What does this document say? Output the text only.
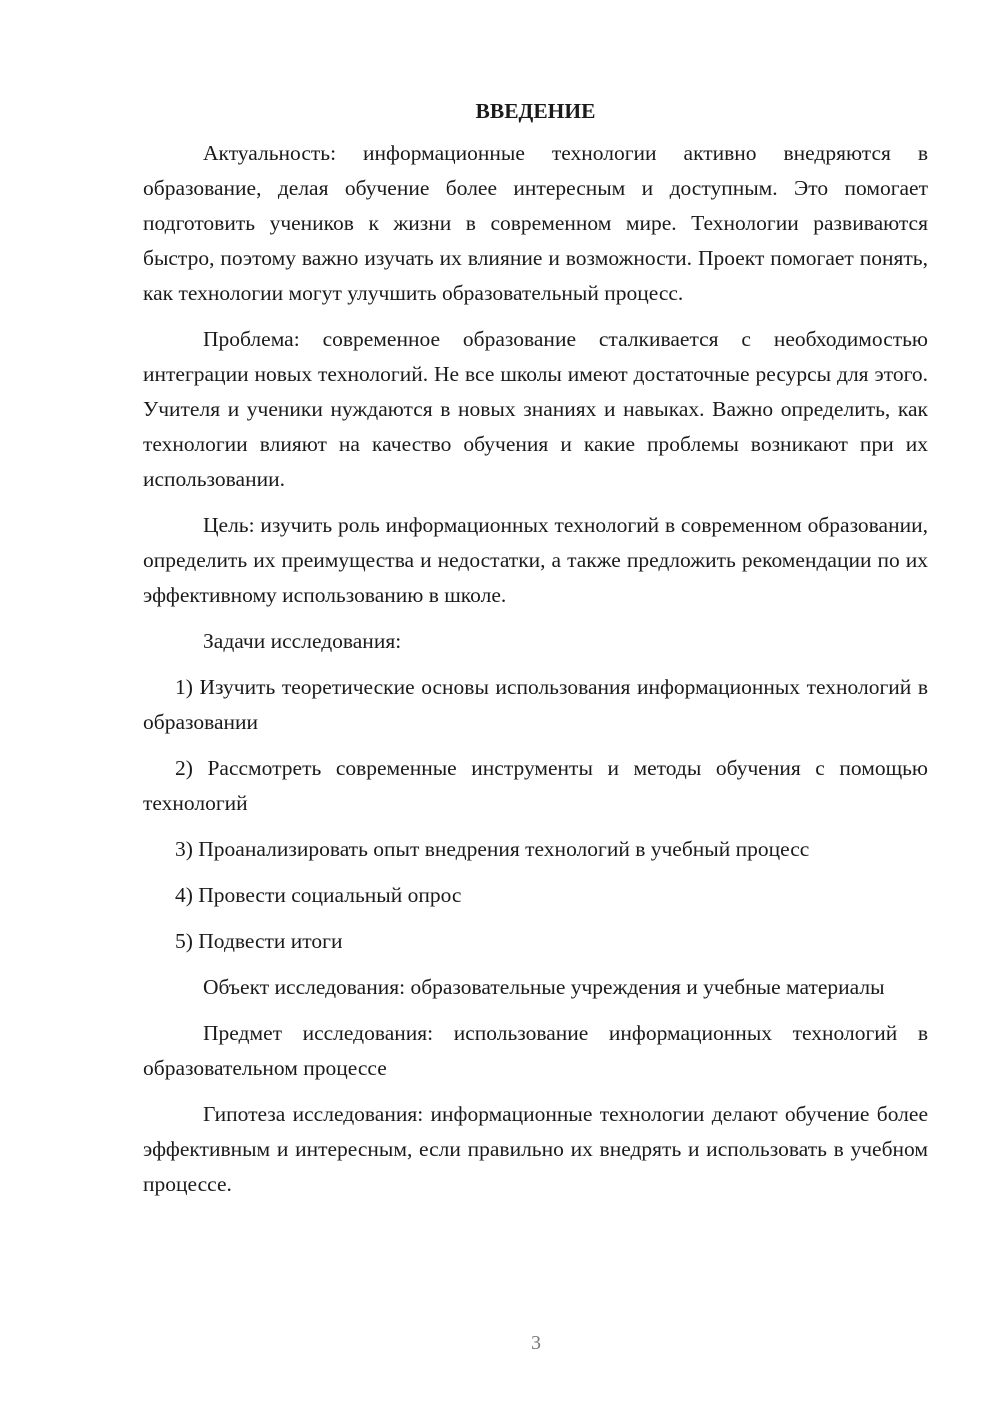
ВВЕДЕНИЕ

Актуальность: информационные технологии активно внедряются в образование, делая обучение более интересным и доступным. Это помогает подготовить учеников к жизни в современном мире. Технологии развиваются быстро, поэтому важно изучать их влияние и возможности. Проект помогает понять, как технологии могут улучшить образовательный процесс.

Проблема: современное образование сталкивается с необходимостью интеграции новых технологий. Не все школы имеют достаточные ресурсы для этого. Учителя и ученики нуждаются в новых знаниях и навыках. Важно определить, как технологии влияют на качество обучения и какие проблемы возникают при их использовании.

Цель: изучить роль информационных технологий в современном образовании, определить их преимущества и недостатки, а также предложить рекомендации по их эффективному использованию в школе.

Задачи исследования:

1) Изучить теоретические основы использования информационных технологий в образовании

2) Рассмотреть современные инструменты и методы обучения с помощью технологий

3) Проанализировать опыт внедрения технологий в учебный процесс

4) Провести социальный опрос

5) Подвести итоги

Объект исследования: образовательные учреждения и учебные материалы

Предмет исследования: использование информационных технологий в образовательном процессе

Гипотеза исследования: информационные технологии делают обучение более эффективным и интересным, если правильно их внедрять и использовать в учебном процессе.

3
